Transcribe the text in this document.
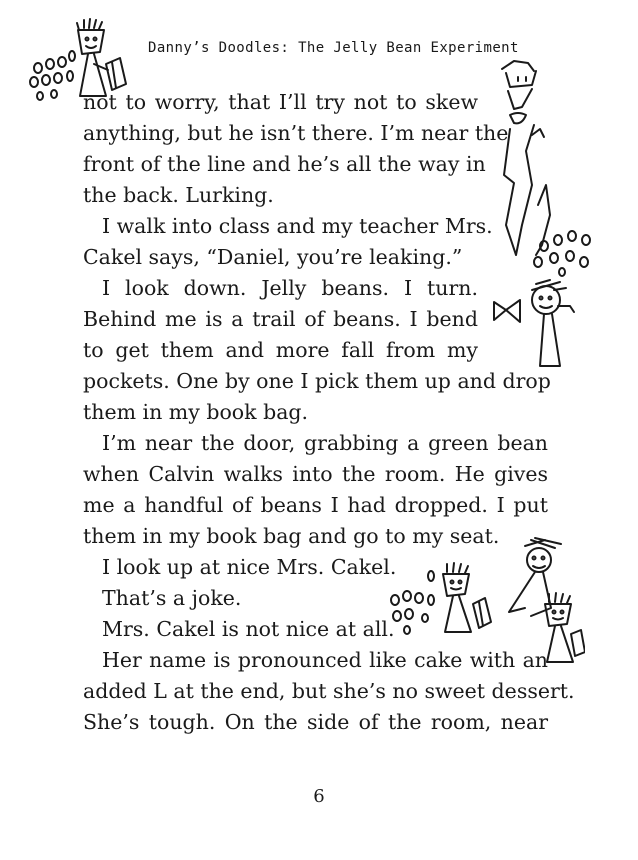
Danny’s Doodles: The Jelly Bean Experiment
not to worry, that I’ll try not to skew
anything, but he isn’t there. I’m near the
front of the line and he’s all the way in
the back. Lurking.
I walk into class and my teacher Mrs.
Cakel says, “Daniel, you’re leaking.”
I look down. Jelly beans. I turn.
Behind me is a trail of beans. I bend
to get them and more fall from my
pockets. One by one I pick them up and drop
them in my book bag.
I’m near the door, grabbing a green bean
when Calvin walks into the room. He gives
me a handful of beans I had dropped. I put
them in my book bag and go to my seat.
I look up at nice Mrs. Cakel.
That’s a joke.
Mrs. Cakel is not nice at all.
Her name is pronounced like cake with an
added L at the end, but she’s no sweet dessert.
She’s tough. On the side of the room, near
6
